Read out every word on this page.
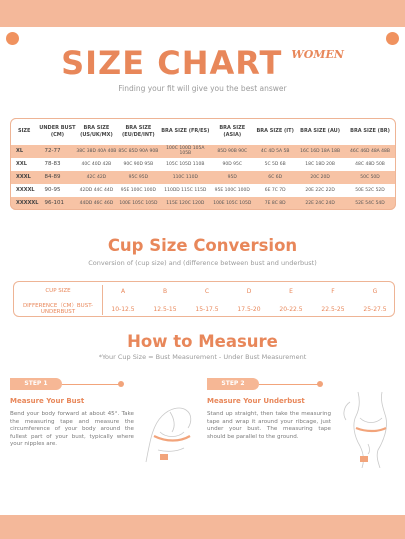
SIZE CHART WOMEN
Finding your fit will give you the best answer
SIZE	UNDER BUST (CM)	BRA SIZE (US/UK/MX)	BRA SIZE (EU/DE/INT)	BRA SIZE (FR/ES)	BRA SIZE (ASIA)	BRA SIZE (IT)	BRA SIZE (AU)	BRA SIZE (BR)
XL	72-77	38C 38D 40A 40B	85C 85D 90A 90B	100C 100D 105A 105B	85D 90B 90C	4C 4D 5A 5B	16C 16D 18A 18B	46C 46D 48A 48B
XXL	78-83	40C 40D 42B	90C 90D 95B	105C 105D 110B	90D 95C	5C 5D 6B	18C 18D 20B	48C 48D 50B
XXXL	84-89	42C 42D	95C 95D	110C 110D	95D	6C 6D	20C 20D	50C 50D
XXXXL	90-95	42DD 44C 44D	95E 100C 100D	110DD 115C 115D	95E 100C 100D	6E 7C 7D	20E 22C 22D	50E 52C 52D
XXXXXL	96-101	44DD 46C 46D	100E 105C 105D	115E 120C 120D	100E 105C 105D	7E 8C 8D	22E 24C 24D	52E 54C 54D
Cup Size Conversion
Conversion of (cup size) and (difference between bust and underbust)
CUP SIZE	A	B	C	D	E	F	G
DIFFERENCE（CM）BUST-UNDERBUST	10-12.5	12.5-15	15-17.5	17.5-20	20-22.5	22.5-25	25-27.5
How to Measure
*Your Cup Size = Bust Measurement - Under Bust Measurement
STEP 1
Measure Your Bust
Bend your body forward at about 45°. Take the measuring tape and measure the circumference of your body around the fullest part of your bust, typically where your nipples are.
STEP 2
Measure Your Underbust
Stand up straight, then take the measuring tape and wrap it around your ribcage, just under your bust. The measuring tape should be parallel to the ground.
